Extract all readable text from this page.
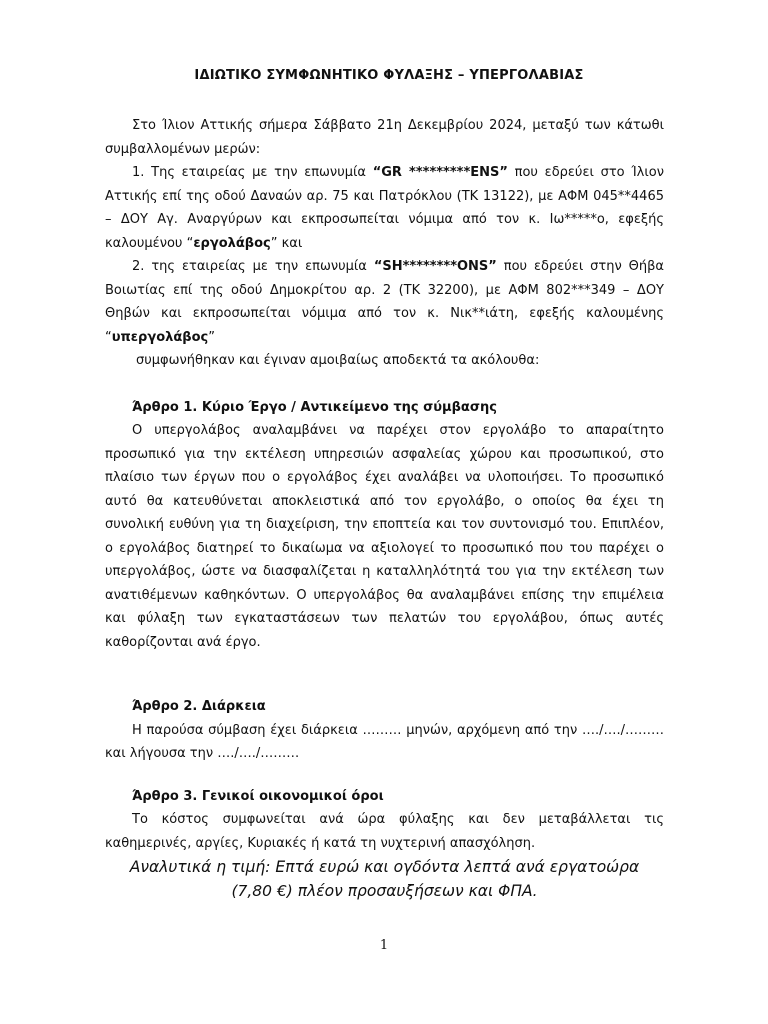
ΙΔΙΩΤΙΚΟ ΣΥΜΦΩΝΗΤΙΚΟ ΦΥΛΑΞΗΣ – ΥΠΕΡΓΟΛΑΒΙΑΣ

Στο Ίλιον Αττικής σήμερα Σάββατο 21η Δεκεμβρίου 2024, μεταξύ των κάτωθι συμβαλλομένων μερών:

1. Της εταιρείας με την επωνυμία “GR *********ENS” που εδρεύει στο Ίλιον Αττικής επί της οδού Δαναών αρ. 75 και Πατρόκλου (ΤΚ 13122), με ΑΦΜ 045**4465 – ΔΟΥ Αγ. Αναργύρων και εκπροσωπείται νόμιμα από τον κ. Ιω*****ο, εφεξής καλουμένου “εργολάβος” και

2. της εταιρείας με την επωνυμία “SH********ONS” που εδρεύει στην Θήβα Βοιωτίας επί της οδού Δημοκρίτου αρ. 2 (ΤΚ 32200), με ΑΦΜ 802***349 – ΔΟΥ Θηβών και εκπροσωπείται νόμιμα από τον κ. Νικ**ιάτη, εφεξής καλουμένης “υπεργολάβος”

συμφωνήθηκαν και έγιναν αμοιβαίως αποδεκτά τα ακόλουθα:

Άρθρο 1. Κύριο Έργο / Αντικείμενο της σύμβασης

Ο υπεργολάβος αναλαμβάνει να παρέχει στον εργολάβο το απαραίτητο προσωπικό για την εκτέλεση υπηρεσιών ασφαλείας χώρου και προσωπικού, στο πλαίσιο των έργων που ο εργολάβος έχει αναλάβει να υλοποιήσει. Το προσωπικό αυτό θα κατευθύνεται αποκλειστικά από τον εργολάβο, ο οποίος θα έχει τη συνολική ευθύνη για τη διαχείριση, την εποπτεία και τον συντονισμό του. Επιπλέον, ο εργολάβος διατηρεί το δικαίωμα να αξιολογεί το προσωπικό που του παρέχει ο υπεργολάβος, ώστε να διασφαλίζεται η καταλληλότητά του για την εκτέλεση των ανατιθέμενων καθηκόντων. Ο υπεργολάβος θα αναλαμβάνει επίσης την επιμέλεια και φύλαξη των εγκαταστάσεων των πελατών του εργολάβου, όπως αυτές καθορίζονται ανά έργο.

Άρθρο 2. Διάρκεια

Η παρούσα σύμβαση έχει διάρκεια ……… μηνών, αρχόμενη από την …./…./……… και λήγουσα την …./…./………

Άρθρο 3. Γενικοί οικονομικοί όροι

Το κόστος συμφωνείται ανά ώρα φύλαξης και δεν μεταβάλλεται τις καθημερινές, αργίες, Κυριακές ή κατά τη νυχτερινή απασχόληση.

Αναλυτικά η τιμή: Επτά ευρώ και ογδόντα λεπτά ανά εργατοώρα

(7,80 €) πλέον προσαυξήσεων και ΦΠΑ.

1
